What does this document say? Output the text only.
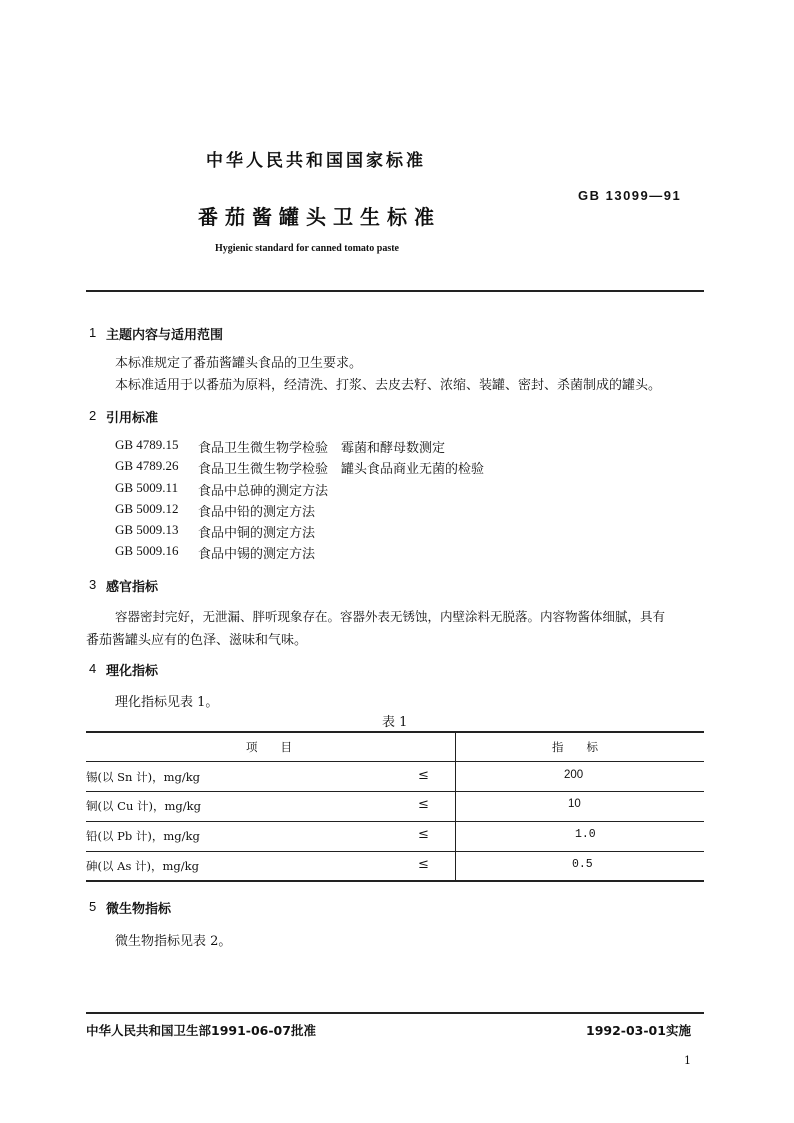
中华人民共和国国家标准
GB 13099—91
番茄酱罐头卫生标准
Hygienic standard for canned tomato paste
1 主题内容与适用范围
本标准规定了番茄酱罐头食品的卫生要求。
本标准适用于以番茄为原料，经清洗、打浆、去皮去籽、浓缩、装罐、密封、杀菌制成的罐头。
2 引用标准
GB 4789.15 食品卫生微生物学检验　霉菌和酵母数测定
GB 4789.26 食品卫生微生物学检验　罐头食品商业无菌的检验
GB 5009.11 食品中总砷的测定方法
GB 5009.12 食品中铅的测定方法
GB 5009.13 食品中铜的测定方法
GB 5009.16 食品中锡的测定方法
3 感官指标
容器密封完好，无泄漏、胖听现象存在。容器外表无锈蚀，内壁涂料无脱落。内容物酱体细腻，具有
番茄酱罐头应有的色泽、滋味和气味。
4 理化指标
理化指标见表 1。
表 1
项　　目	指　　标
锡(以 Sn 计)，mg/kg	≤	200
铜(以 Cu 计)，mg/kg	≤	10
铅(以 Pb 计)，mg/kg	≤	1.0
砷(以 As 计)，mg/kg	≤	0.5
5 微生物指标
微生物指标见表 2。
中华人民共和国卫生部1991-06-07批准	1992-03-01实施
1
